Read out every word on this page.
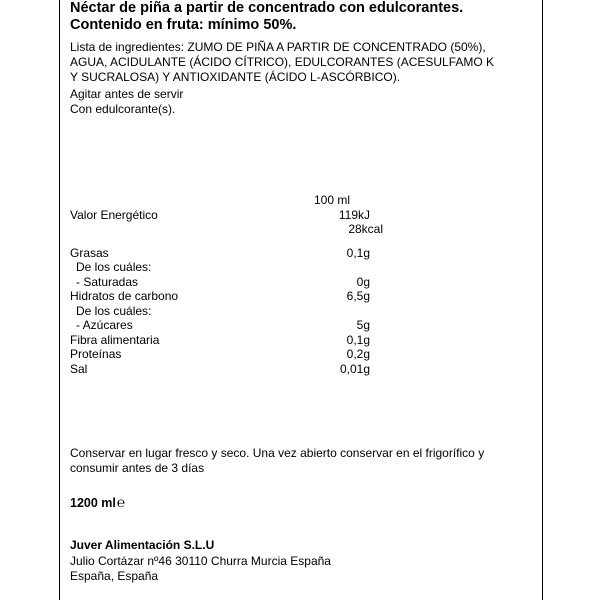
Néctar de piña a partir de concentrado con edulcorantes.

Contenido en fruta: mínimo 50%.

Lista de ingredientes: ZUMO DE PIÑA A PARTIR DE CONCENTRADO (50%),

AGUA, ACIDULANTE (ÁCIDO CÍTRICO), EDULCORANTES (ACESULFAMO K

Y SUCRALOSA) Y ANTIOXIDANTE (ÁCIDO L-ASCÓRBICO).

Agitar antes de servir

Con edulcorante(s).

100 ml
Valor Energético	119kJ
28kcal
Grasas	0,1g
De los cuáles:
- Saturadas	0g
Hidratos de carbono	6,5g
De los cuáles:
- Azúcares	5g
Fibra alimentaria	0,1g
Proteínas	0,2g
Sal	0,01g
Conservar en lugar fresco y seco. Una vez abierto conservar en el frigorífico y
consumir antes de 3 días
1200 ml℮
Juver Alimentación S.L.U
Julio Cortázar nº46 30110 Churra Murcia España
España, España
